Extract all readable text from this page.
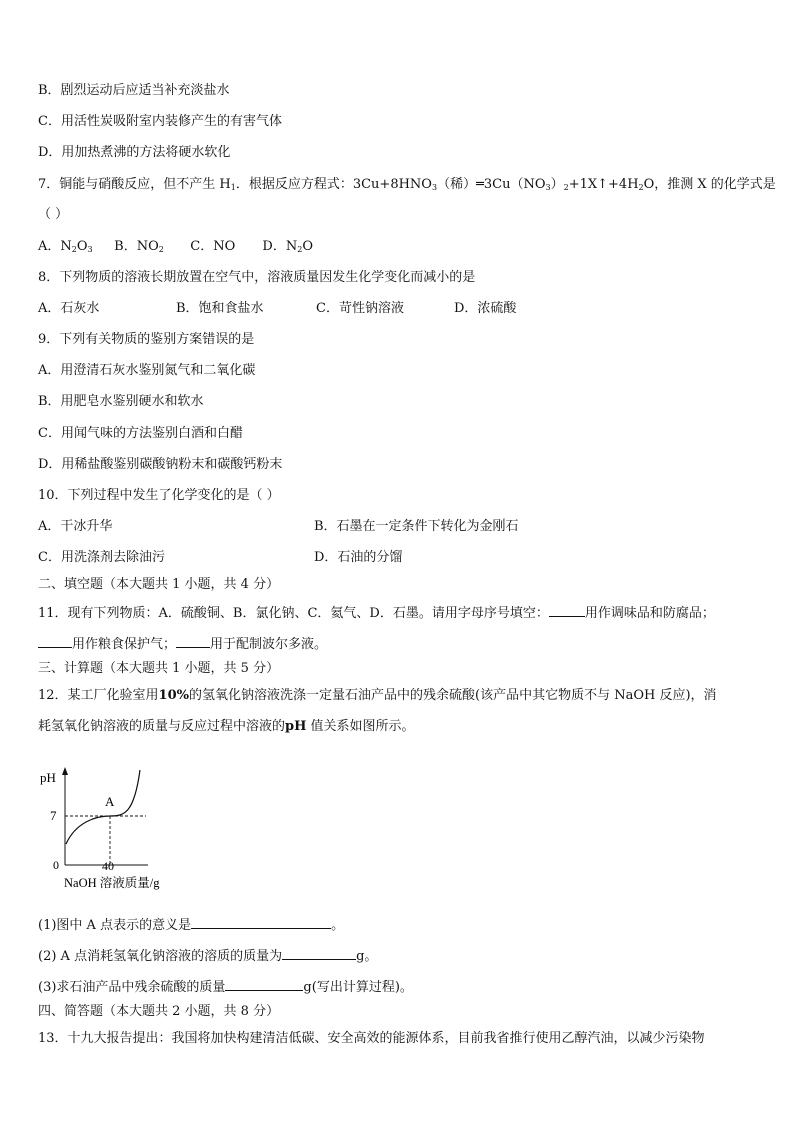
B．剧烈运动后应适当补充淡盐水
C．用活性炭吸附室内装修产生的有害气体
D．用加热煮沸的方法将硬水软化
7．铜能与硝酸反应，但不产生 $H_1$．根据反应方程式：$3Cu+8HNO_3$（稀）$═3Cu(NO_3)_2+1X↑+4H_2O$，推测 X 的化学式是
（ ）
A．$N_2O_3$ B．$NO_2$ C．NO D．$N_2O$
8．下列物质的溶液长期放置在空气中，溶液质量因发生化学变化而减小的是
A．石灰水	B．饱和食盐水	C．苛性钠溶液	D．浓硫酸
9．下列有关物质的鉴别方案错误的是
A．用澄清石灰水鉴别氮气和二氧化碳
B．用肥皂水鉴别硬水和软水
C．用闻气味的方法鉴别白酒和白醋
D．用稀盐酸鉴别碳酸钠粉末和碳酸钙粉末
10．下列过程中发生了化学变化的是（ ）
A．干冰升华	B．石墨在一定条件下转化为金刚石
C．用洗涤剂去除油污	D．石油的分馏
二、填空题（本大题共 1 小题，共 4 分）
11．现有下列物质：A．硫酸铜、B．氯化钠、C．氦气、D．石墨。请用字母序号填空：	用作调味品和防腐品；
用作粮食保护气；	用于配制波尔多液。
三、计算题（本大题共 1 小题，共 5 分）
12．某工厂化验室用10%的氢氧化钠溶液洗涤一定量石油产品中的残余硫酸(该产品中其它物质不与 NaOH 反应)，消
耗氢氧化钠溶液的质量与反应过程中溶液的pH 值关系如图所示。
pH
7
A
0	40
NaOH 溶液质量/g
(1)图中 A 点表示的意义是	。
(2) A 点消耗氢氧化钠溶液的溶质的质量为	g。
(3)求石油产品中残余硫酸的质量	g(写出计算过程)。
四、简答题（本大题共 2 小题，共 8 分）
13．十九大报告提出：我国将加快构建清洁低碳、安全高效的能源体系，目前我省推行使用乙醇汽油，以减少污染物
